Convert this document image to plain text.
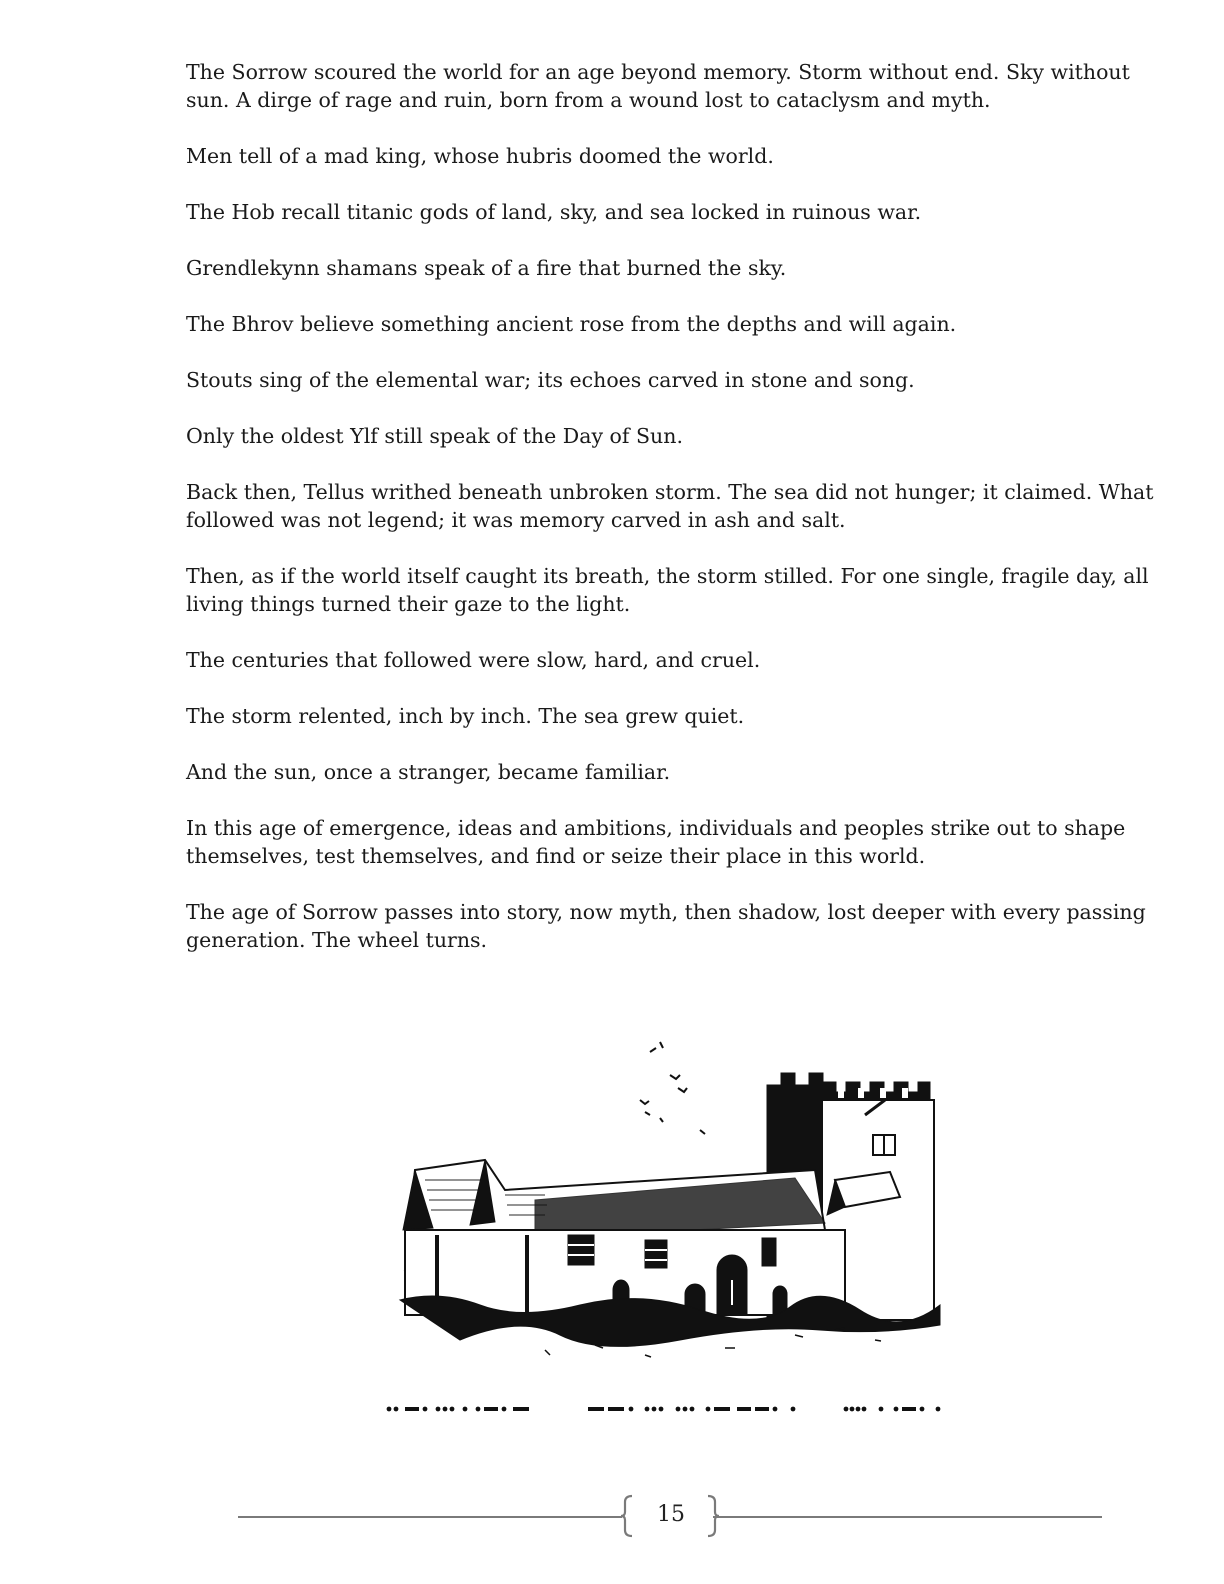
The Sorrow scoured the world for an age beyond memory. Storm without end. Sky without sun. A dirge of rage and ruin, born from a wound lost to cataclysm and myth.

Men tell of a mad king, whose hubris doomed the world.

The Hob recall titanic gods of land, sky, and sea locked in ruinous war.

Grendlekynn shamans speak of a fire that burned the sky.

The Bhrov believe something ancient rose from the depths and will again.

Stouts sing of the elemental war; its echoes carved in stone and song.

Only the oldest Ylf still speak of the Day of Sun.

Back then, Tellus writhed beneath unbroken storm. The sea did not hunger; it claimed. What followed was not legend; it was memory carved in ash and salt.

Then, as if the world itself caught its breath, the storm stilled. For one single, fragile day, all living things turned their gaze to the light.

The centuries that followed were slow, hard, and cruel.

The storm relented, inch by inch. The sea grew quiet.

And the sun, once a stranger, became familiar.

In this age of emergence, ideas and ambitions, individuals and peoples strike out to shape themselves, test themselves, and find or seize their place in this world.

The age of Sorrow passes into story, now myth, then shadow, lost deeper with every passing generation. The wheel turns.

15
